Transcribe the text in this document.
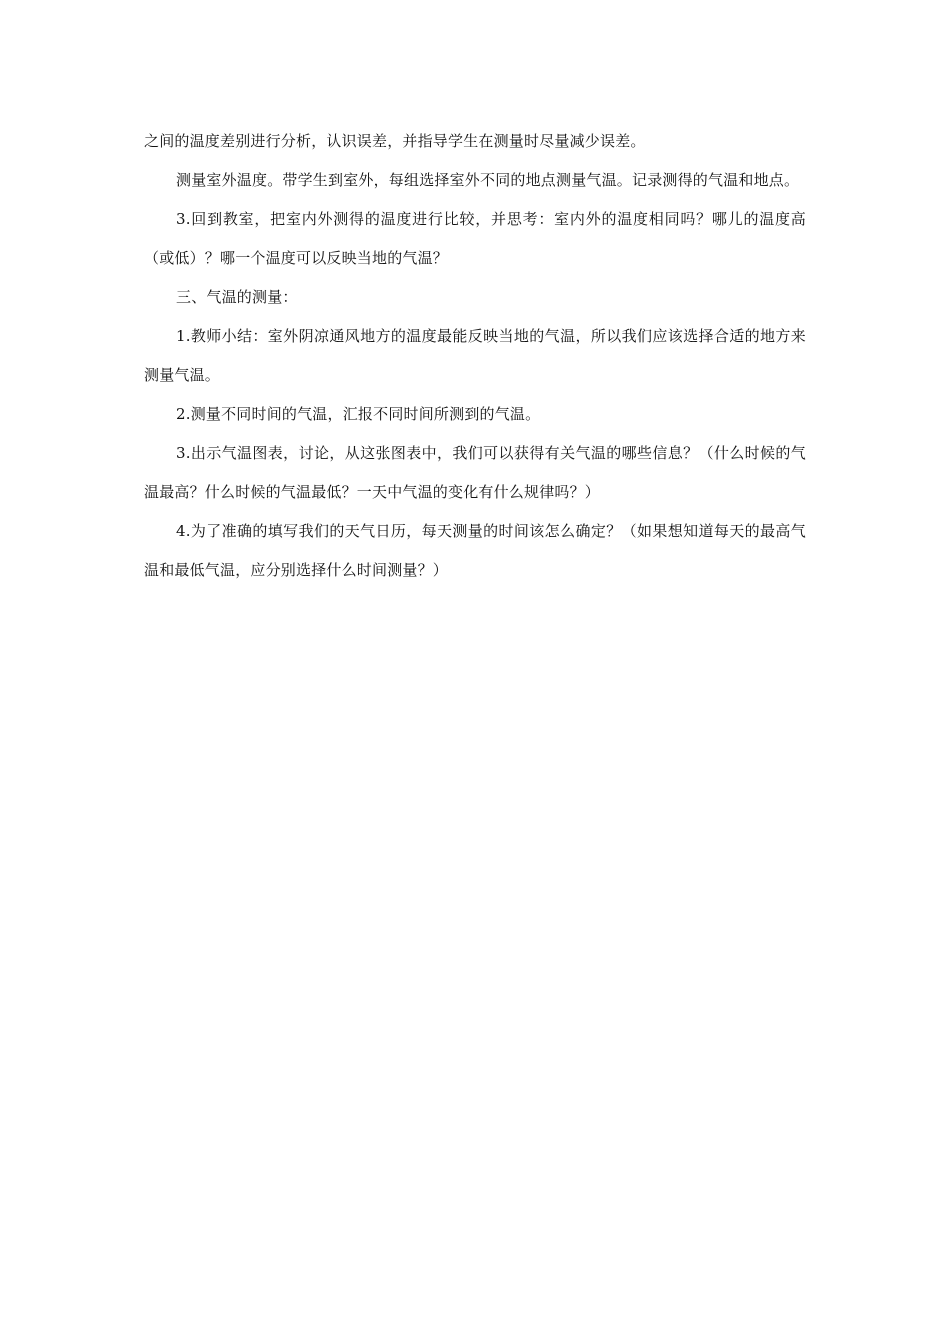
之间的温度差别进行分析，认识误差，并指导学生在测量时尽量减少误差。

测量室外温度。带学生到室外，每组选择室外不同的地点测量气温。记录测得的气温和地点。

3.回到教室，把室内外测得的温度进行比较，并思考：室内外的温度相同吗？哪儿的温度高（或低）？哪一个温度可以反映当地的气温？

三、气温的测量：

1.教师小结：室外阴凉通风地方的温度最能反映当地的气温，所以我们应该选择合适的地方来测量气温。

2.测量不同时间的气温，汇报不同时间所测到的气温。

3.出示气温图表，讨论，从这张图表中，我们可以获得有关气温的哪些信息？（什么时候的气温最高？什么时候的气温最低？一天中气温的变化有什么规律吗？）

4.为了准确的填写我们的天气日历，每天测量的时间该怎么确定？（如果想知道每天的最高气温和最低气温，应分别选择什么时间测量？）
